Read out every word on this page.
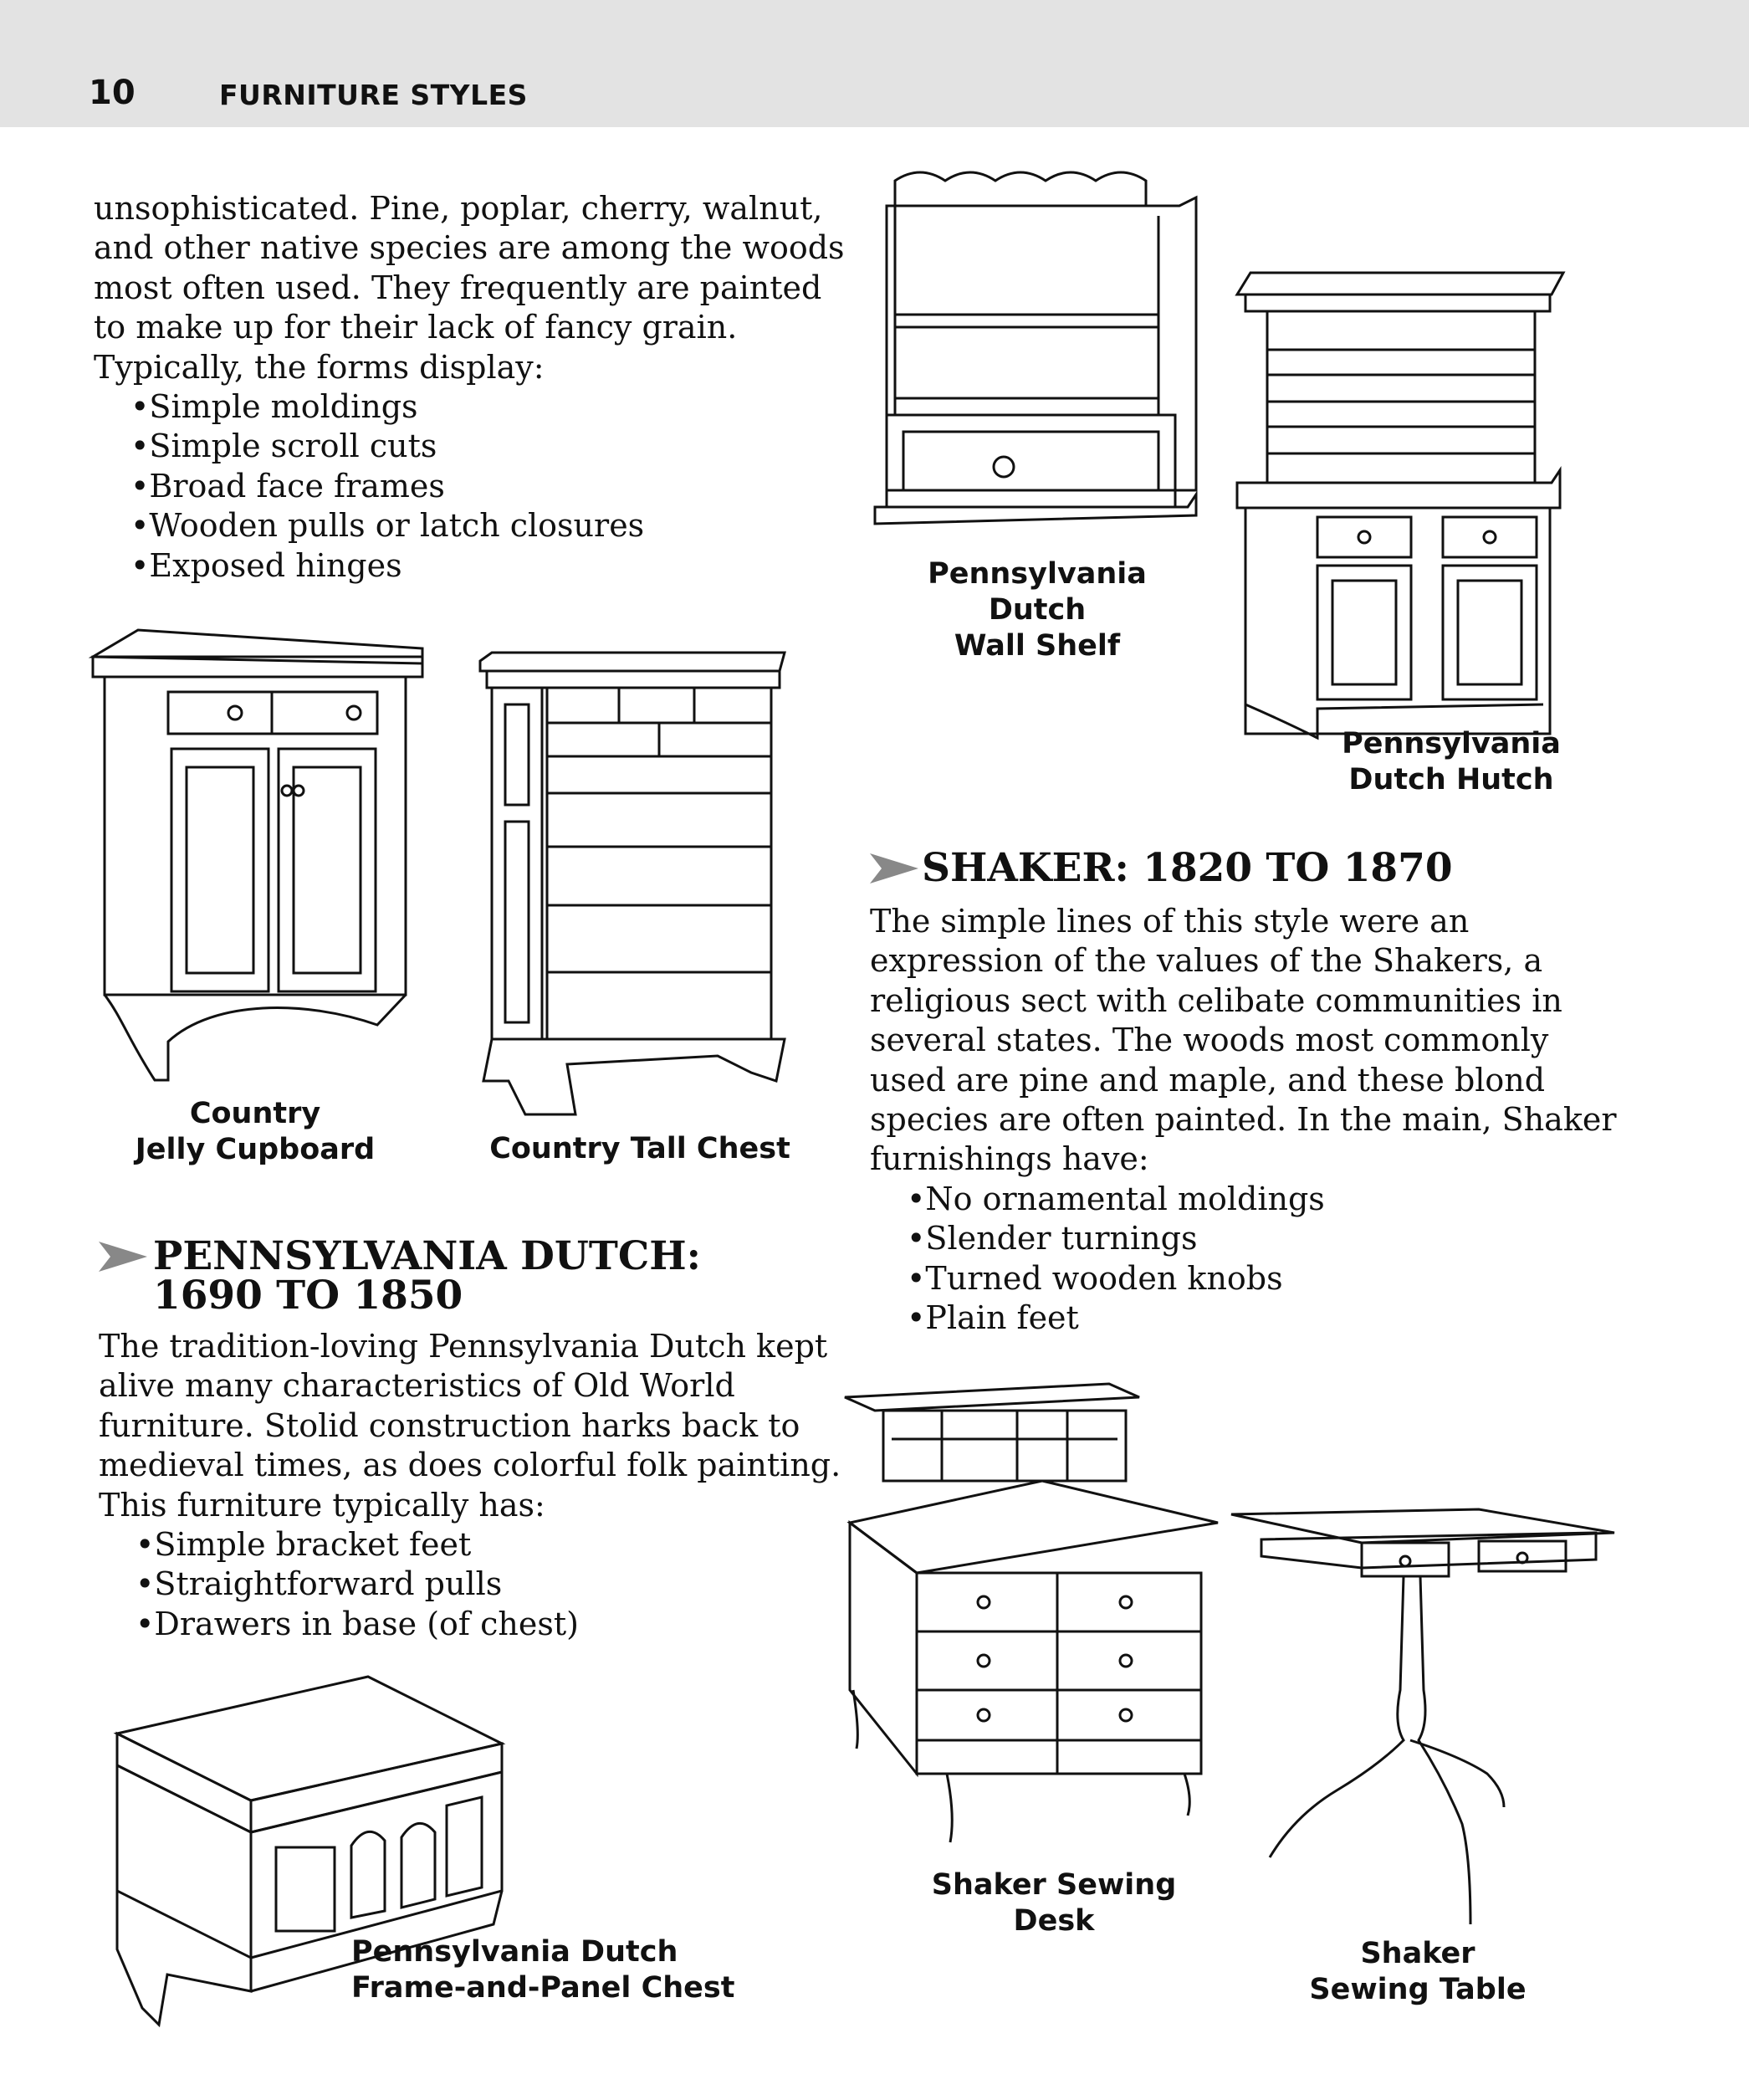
10	FURNITURE STYLES

unsophisticated. Pine, poplar, cherry, walnut,
and other native species are among the woods
most often used. They frequently are painted
to make up for their lack of fancy grain.
Typically, the forms display:

• Simple moldings
• Simple scroll cuts
• Broad face frames
• Wooden pulls or latch closures
• Exposed hinges

Country
Jelly Cupboard	Country Tall Chest

Pennsylvania Dutch
Wall Shelf

Pennsylvania
Dutch Hutch

PENNSYLVANIA DUTCH:
1690 TO 1850

The tradition-loving Pennsylvania Dutch kept
alive many characteristics of Old World
furniture. Stolid construction harks back to
medieval times, as does colorful folk painting.
This furniture typically has:

• Simple bracket feet
• Straightforward pulls
• Drawers in base (of chest)

Pennsylvania Dutch
Frame-and-Panel Chest

SHAKER: 1820 TO 1870

The simple lines of this style were an
expression of the values of the Shakers, a
religious sect with celibate communities in
several states. The woods most commonly
used are pine and maple, and these blond
species are often painted. In the main, Shaker
furnishings have:

• No ornamental moldings
• Slender turnings
• Turned wooden knobs
• Plain feet

Shaker Sewing Desk

Shaker
Sewing Table
